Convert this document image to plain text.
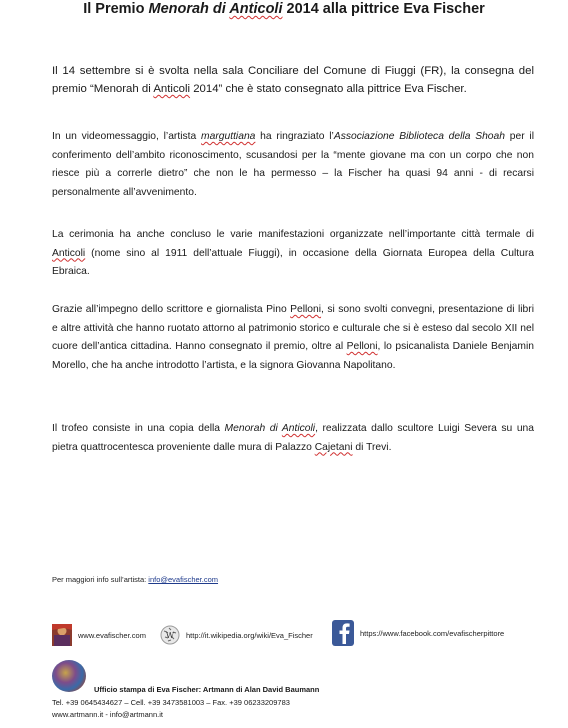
Il Premio Menorah di Anticoli 2014 alla pittrice Eva Fischer
Il 14 settembre si è svolta nella sala Conciliare del Comune di Fiuggi (FR), la consegna del premio “Menorah di Anticoli 2014” che è stato consegnato alla pittrice Eva Fischer.
In un videomessaggio, l’artista marguttiana ha ringraziato l’Associazione Biblioteca della Shoah per il conferimento dell’ambito riconoscimento, scusandosi per la “mente giovane ma con un corpo che non riesce più a correrle dietro” che non le ha permesso – la Fischer ha quasi 94 anni - di recarsi personalmente all’avvenimento.
La cerimonia ha anche concluso le varie manifestazioni organizzate nell’importante città termale di Anticoli (nome sino al 1911 dell’attuale Fiuggi), in occasione della Giornata Europea della Cultura Ebraica.
Grazie all’impegno dello scrittore e giornalista Pino Pelloni, si sono svolti convegni, presentazione di libri e altre attività che hanno ruotato attorno al patrimonio storico e culturale che si è esteso dal secolo XII nel cuore dell’antica cittadina. Hanno consegnato il premio, oltre al Pelloni, lo psicanalista Daniele Benjamin Morello, che ha anche introdotto l’artista, e la signora Giovanna Napolitano.
Il trofeo consiste in una copia della Menorah di Anticoli, realizzata dallo scultore Luigi Severa su una pietra quattrocentesca proveniente dalle mura di Palazzo Cajetani di Trevi.
Per maggiori info sull’artista: info@evafischer.com
www.evafischer.com W http://it.wikipedia.org/wiki/Eva_Fischer	https://www.facebook.com/evafischerpittore
Ufficio stampa di Eva Fischer: Artmann di Alan David Baumann
Tel. +39 0645434627 – Cell. +39 3473581003 – Fax. +39 06233209783
www.artmann.it - info@artmann.it
